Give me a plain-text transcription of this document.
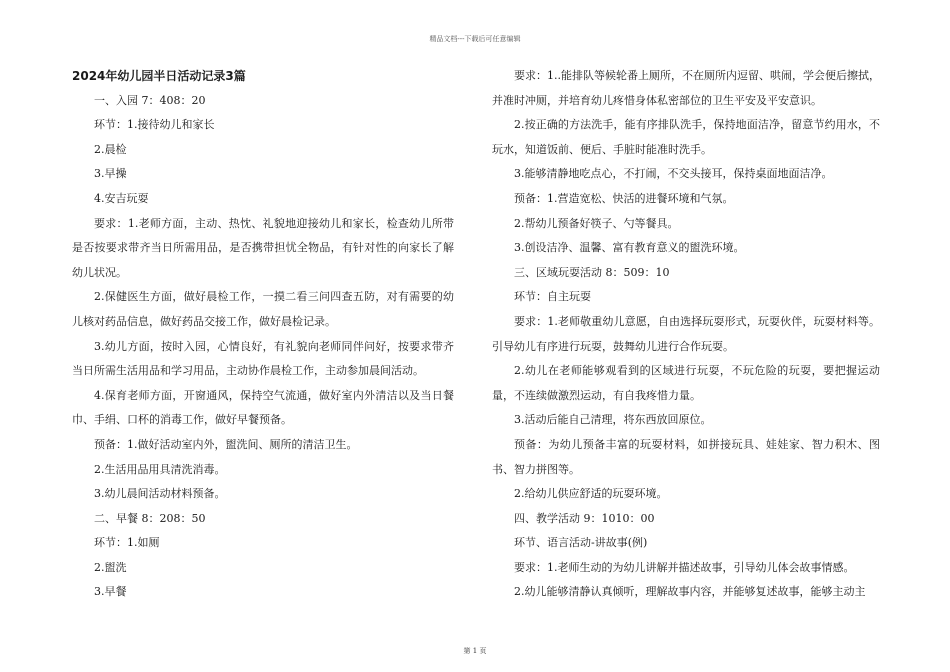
精品文档---下载后可任意编辑
2024年幼儿园半日活动记录3篇

一、入园 7：408：20

环节：1.接待幼儿和家长

2.晨检

3.早操

4.安吉玩耍

要求：1.老师方面，主动、热忱、礼貌地迎接幼儿和家长，检查幼儿所带是否按要求带齐当日所需用品，是否携带担忧全物品，有针对性的向家长了解幼儿状况。

2.保健医生方面，做好晨检工作，一摸二看三问四查五防，对有需要的幼儿核对药品信息，做好药品交接工作，做好晨检记录。

3.幼儿方面，按时入园，心情良好，有礼貌向老师同伴问好，按要求带齐当日所需生活用品和学习用品，主动协作晨检工作，主动参加晨间活动。

4.保育老师方面，开窗通风，保持空气流通，做好室内外清洁以及当日餐巾、手绢、口杯的消毒工作，做好早餐预备。

预备：1.做好活动室内外，盥洗间、厕所的清洁卫生。

2.生活用品用具清洗消毒。

3.幼儿晨间活动材料预备。

二、早餐 8：208：50

环节：1.如厕

2.盥洗

3.早餐

要求：1..能排队等候轮番上厕所，不在厕所内逗留、哄闹，学会便后擦拭，并准时冲厕，并培育幼儿疼惜身体私密部位的卫生平安及平安意识。

2.按正确的方法洗手，能有序排队洗手，保持地面洁净，留意节约用水，不玩水，知道饭前、便后、手脏时能准时洗手。

3.能够清静地吃点心，不打闹，不交头接耳，保持桌面地面洁净。

预备：1.营造宽松、快活的进餐环境和气氛。

2.帮幼儿预备好筷子、勺等餐具。

3.创设洁净、温馨、富有教育意义的盥洗环境。

三、区域玩耍活动 8：509：10

环节：自主玩耍

要求：1.老师敬重幼儿意愿，自由选择玩耍形式，玩耍伙伴，玩耍材料等。引导幼儿有序进行玩耍，鼓舞幼儿进行合作玩耍。

2.幼儿在老师能够观看到的区域进行玩耍，不玩危险的玩耍，要把握运动量，不连续做激烈运动，有自我疼惜力量。

3.活动后能自己清理，将东西放回原位。

预备：为幼儿预备丰富的玩耍材料，如拼接玩具、娃娃家、智力积木、图书、智力拼图等。

2.给幼儿供应舒适的玩耍环境。

四、教学活动 9：1010：00

环节、语言活动-讲故事(例)

要求：1.老师生动的为幼儿讲解并描述故事，引导幼儿体会故事情感。

2.幼儿能够清静认真倾听，理解故事内容，并能够复述故事，能够主动主

第 1 页
